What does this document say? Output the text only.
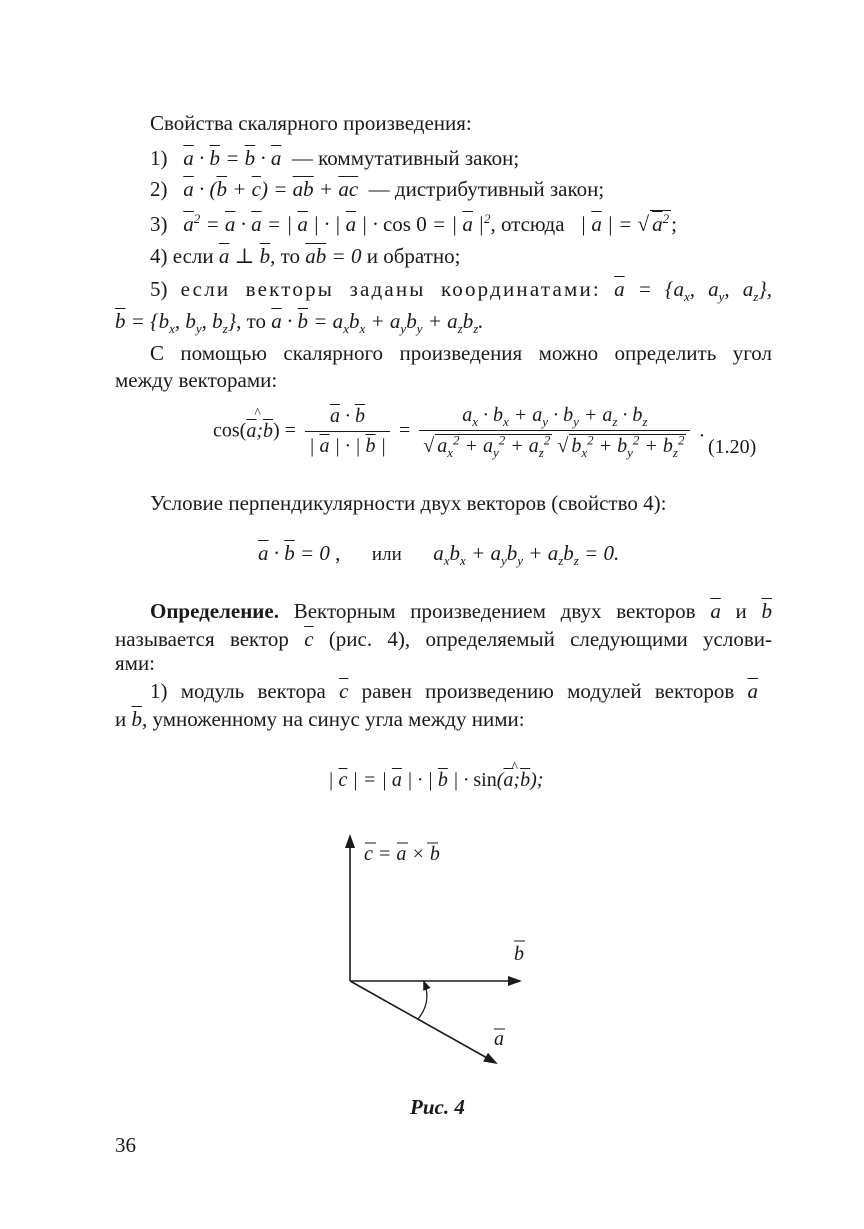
Свойства скалярного произведения:
1) $\overline{a} \cdot \overline{b} = \overline{b} \cdot \overline{a}$ — коммутативный закон;
2) $\overline{a} \cdot (\overline{b} + \overline{c}) = \overline{a}\overline{b} + \overline{a}\overline{c}$ — дистрибутивный закон;
3) $\overline{a}^2 = \overline{a} \cdot \overline{a}$ = | $\overline{a}$ | · | $\overline{a}$ | · cos 0 = | $\overline{a}$ $|^2$, отсюда   | $\overline{a}$ | = √ $a^2$;
4) если $\overline{a}$ ⊥ $\overline{b}$, то $\overline{a}\overline{b} = 0$ и обратно;
5) если векторы заданы координатами: $\overline{a} = \{a_x$, $a_y$, $a_z$},
$\overline{b} = \{b_x$, $b_y$, $b_z$}, то $\overline{a} \cdot \overline{b} = a_xb_x + a_yb_y + a_zb_z$.
С помощью скалярного произведения можно определить угол
между векторами:
cos(^ $\overline{a};\overline{b}) = \frac{\overline{a} \cdot \overline{b}}{| \overline{a} | \cdot | \overline{b} |} = \frac{a_x \cdot b_x + a_y \cdot b_y + a_z \cdot b_z}{√ a_x^2 + a_y^2 + a_z^2 √ b_x^2 + b_y^2 + b_z^2}$ .
(1.20)
Условие перпендикулярности двух векторов (свойство 4):
$\overline{a} \cdot \overline{b} = 0$ ,      или $a_xb_x + a_yb_y + a_zb_z = 0$.
Определение. Векторным произведением двух векторов $\overline{a}$ и $\overline{b}$
называется вектор $\overline{c}$ (рис. 4), определяемый следующими услови-
ями:
1) модуль вектора $\overline{c}$ равен произведению модулей векторов $\overline{a}$
и $\overline{b}$, умноженному на синус угла между ними:
| $\overline{c}$ | = | $\overline{a}$ | · | $\overline{b}$ | · sin(^ $\overline{a};\overline{b}$);
c = a × b
b
a
Рис. 4
36
